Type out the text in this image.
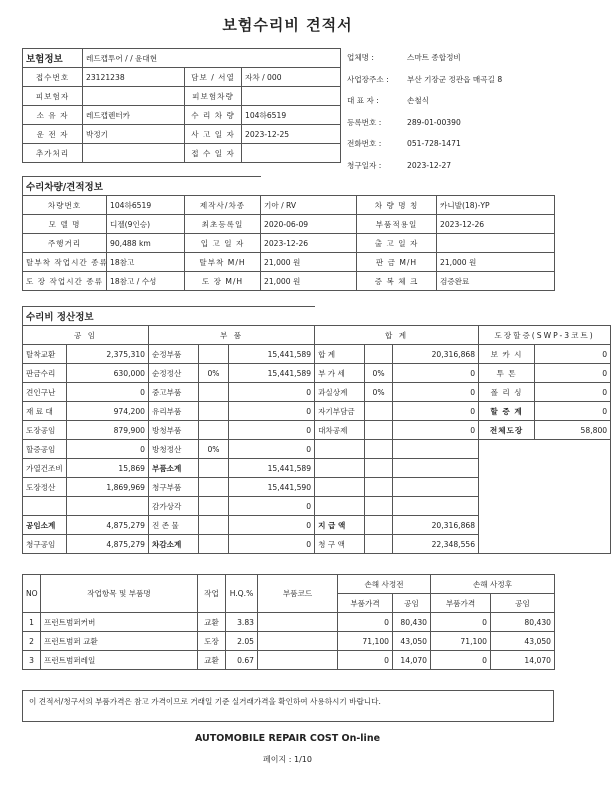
보험수리비 견적서
보험정보	레드캡투어 / / 윤대현		
접수번호	23121238	담보 / 서열	자차 / 000
피보험자		피보험차량	
소 유 자	레드캡렌터카	수 리 차 량	104하6519
운 전 자	박정기	사 고 일 자	2023-12-25
추가처리		접 수 일 자	
업체명 :	스마트 종합정비
사업장주소 : 부산 기장군 정관읍 매곡길 8
대 표 자 :	손철식
등록번호 :	289-01-00390
전화번호 :	051-728-1471
청구일자 :	2023-12-27
수리차량/견적정보					
차량번호	104하6519	제작사/차종	기아 / RV	차 량 명 칭	카니발(18)-YP
모 델 명	디젤(9인승)	최초등록일	2020-06-09	부품적용일	2023-12-26
주행거리	90,488 km	입 고 일 자	2023-12-26	출 고 일 자	
탈부착 작업시간 종류	18참고	탈부착 M/H	21,000 원	판 금 M/H	21,000 원
도 장 작업시간 종류	18참고 / 수성	도 장 M/H	21,000 원	증 복 체 크	검증완료
수리비 정산정보									
공 임		부 품			합 계			도장할증(SWP-3코트)	
탈착교환	2,375,310	순정부품		15,441,589	합 계		20,316,868	보 카 시	0
판금수리	630,000	순정정산	0%	15,441,589	부 가 세	0%	0	투 톤	0
견인구난	0	중고부품		0	과실상계	0%	0	폴 리 싱	0
재 료 대	974,200	유리부품		0	자기부담금		0	할 증 계	0
도장공임	879,900	방청부품		0	대차공제		0	전체도장	58,800
할증공임	0	방청정산	0%	0					
가열건조비	15,869	부품소계		15,441,589					
도장정산	1,869,969	청구부품		15,441,590					
		감가상각		0					
공임소계	4,875,279	진 존 물		0	지 급 액		20,316,868		
청구공임	4,875,279	차감소계		0	청 구 액		22,348,556		
NO	작업항목 및 부품명	작업	H.Q.%	부품코드	손해 사정전		손해 사정후	
					부품가격	공임	부품가격	공임
1	프런트범퍼커버	교환	3.83		0	80,430	0	80,430
2	프런트범퍼 교환	도장	2.05		71,100	43,050	71,100	43,050
3	프런트범퍼레일	교환	0.67		0	14,070	0	14,070
이 견적서/청구서의 부품가격은 참고 가격이므로 거래일 기준 실거래가격을 확인하여 사용하시기 바랍니다.
AUTOMOBILE REPAIR COST On-line
페이지 : 1/10
